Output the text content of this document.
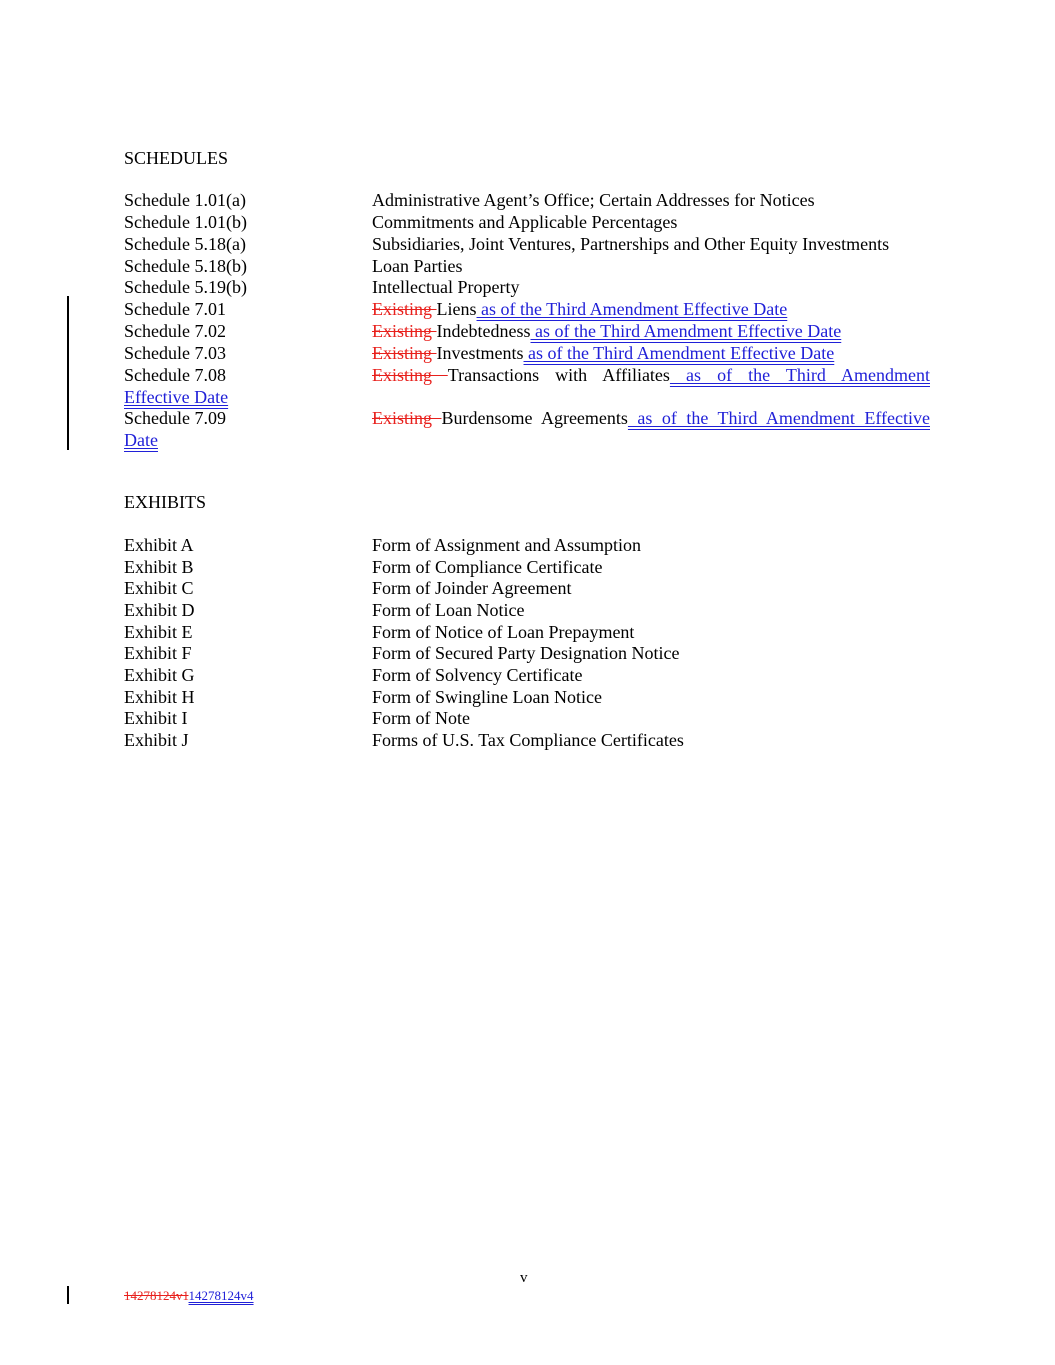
SCHEDULES
Schedule 1.01(a)	Administrative Agent’s Office; Certain Addresses for Notices
Schedule 1.01(b)	Commitments and Applicable Percentages
Schedule 5.18(a)	Subsidiaries, Joint Ventures, Partnerships and Other Equity Investments
Schedule 5.18(b)	Loan Parties
Schedule 5.19(b)	Intellectual Property
Schedule 7.01	Existing Liens as of the Third Amendment Effective Date
Schedule 7.02	Existing Indebtedness as of the Third Amendment Effective Date
Schedule 7.03	Existing Investments as of the Third Amendment Effective Date
Schedule 7.08	Existing Transactions with Affiliates as of the Third Amendment
Effective Date
Schedule 7.09	Existing Burdensome Agreements as of the Third Amendment Effective
Date
EXHIBITS
Exhibit A	Form of Assignment and Assumption
Exhibit B	Form of Compliance Certificate
Exhibit C	Form of Joinder Agreement
Exhibit D	Form of Loan Notice
Exhibit E	Form of Notice of Loan Prepayment
Exhibit F	Form of Secured Party Designation Notice
Exhibit G	Form of Solvency Certificate
Exhibit H	Form of Swingline Loan Notice
Exhibit I	Form of Note
Exhibit J	Forms of U.S. Tax Compliance Certificates
v
14278124v114278124v4
